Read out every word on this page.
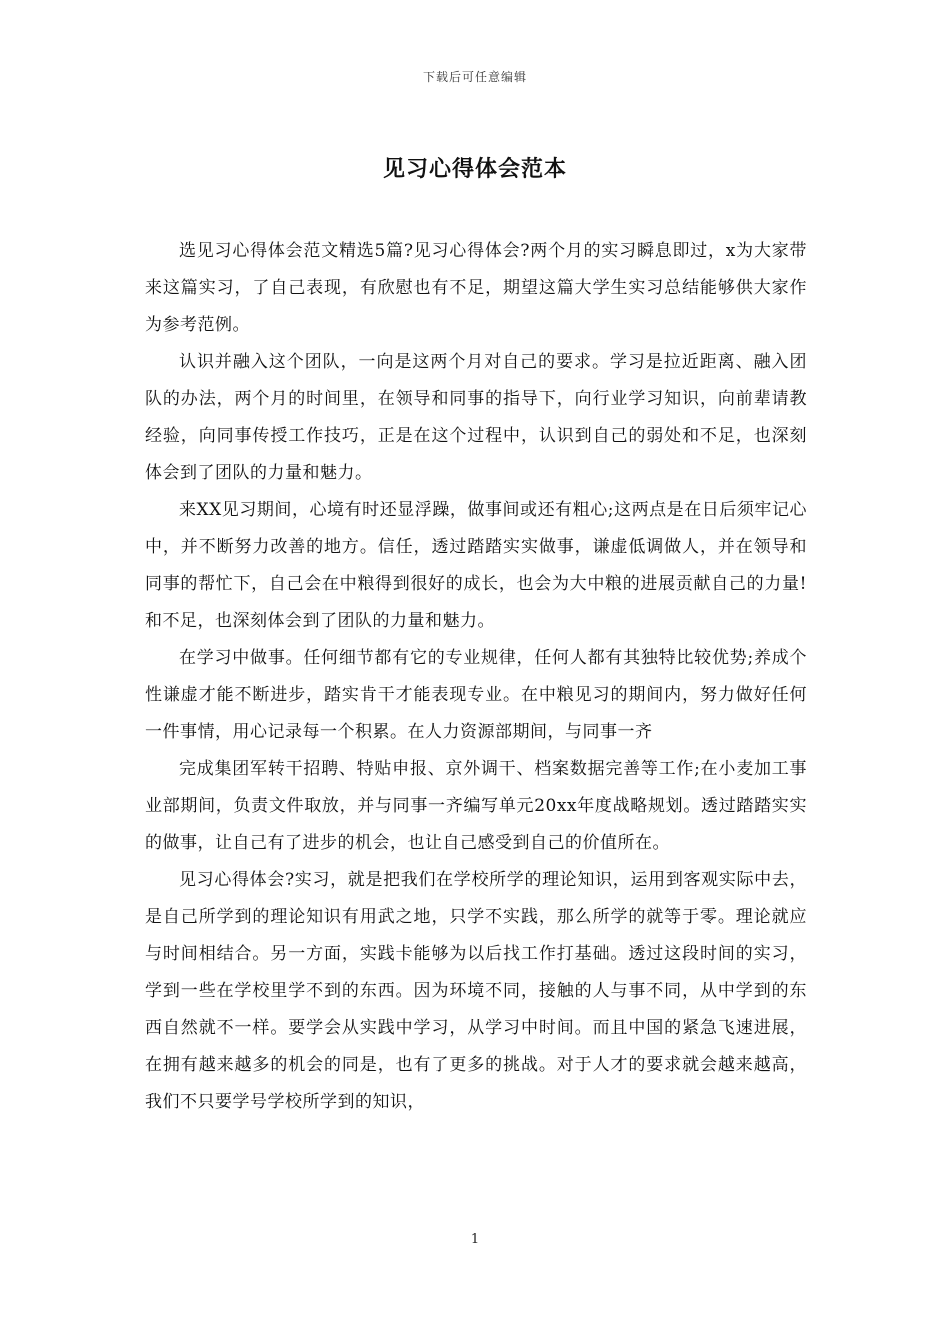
下载后可任意编辑
见习心得体会范本

选见习心得体会范文精选5篇?见习心得体会?两个月的实习瞬息即过，x为大家带来这篇实习，了自己表现，有欣慰也有不足，期望这篇大学生实习总结能够供大家作为参考范例。

认识并融入这个团队，一向是这两个月对自己的要求。学习是拉近距离、融入团队的办法，两个月的时间里，在领导和同事的指导下，向行业学习知识，向前辈请教经验，向同事传授工作技巧，正是在这个过程中，认识到自己的弱处和不足，也深刻体会到了团队的力量和魅力。

来XX见习期间，心境有时还显浮躁，做事间或还有粗心;这两点是在日后须牢记心中，并不断努力改善的地方。信任，透过踏踏实实做事，谦虚低调做人，并在领导和同事的帮忙下，自己会在中粮得到很好的成长，也会为大中粮的进展贡献自己的力量!和不足，也深刻体会到了团队的力量和魅力。

在学习中做事。任何细节都有它的专业规律，任何人都有其独特比较优势;养成个性谦虚才能不断进步，踏实肯干才能表现专业。在中粮见习的期间内，努力做好任何一件事情，用心记录每一个积累。在人力资源部期间，与同事一齐

完成集团军转干招聘、特贴申报、京外调干、档案数据完善等工作;在小麦加工事业部期间，负责文件取放，并与同事一齐编写单元20xx年度战略规划。透过踏踏实实的做事，让自己有了进步的机会，也让自己感受到自己的价值所在。

见习心得体会?实习，就是把我们在学校所学的理论知识，运用到客观实际中去，是自己所学到的理论知识有用武之地，只学不实践，那么所学的就等于零。理论就应与时间相结合。另一方面，实践卡能够为以后找工作打基础。透过这段时间的实习，学到一些在学校里学不到的东西。因为环境不同，接触的人与事不同，从中学到的东西自然就不一样。要学会从实践中学习，从学习中时间。而且中国的紧急飞速进展，在拥有越来越多的机会的同是，也有了更多的挑战。对于人才的要求就会越来越高，我们不只要学号学校所学到的知识，

1
